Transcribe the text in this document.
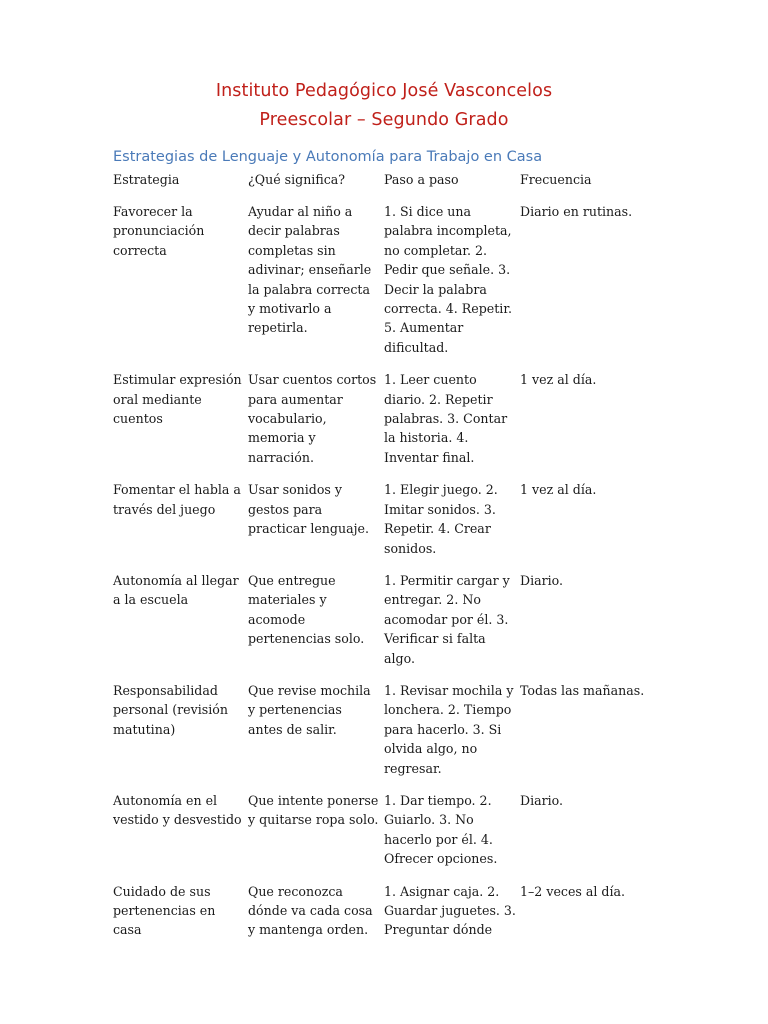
Instituto Pedagógico José Vasconcelos
Preescolar – Segundo Grado
Estrategias de Lenguaje y Autonomía para Trabajo en Casa
Estrategia	¿Qué significa?	Paso a paso	Frecuencia
Favorecer la pronunciación correcta	Ayudar al niño a decir palabras completas sin adivinar; enseñarle la palabra correcta y motivarlo a repetirla.	1. Si dice una palabra incompleta, no completar. 2. Pedir que señale. 3. Decir la palabra correcta. 4. Repetir. 5. Aumentar dificultad.	Diario en rutinas.
Estimular expresión oral mediante cuentos	Usar cuentos cortos para aumentar vocabulario, memoria y narración.	1. Leer cuento diario. 2. Repetir palabras. 3. Contar la historia. 4. Inventar final.	1 vez al día.
Fomentar el habla a través del juego	Usar sonidos y gestos para practicar lenguaje.	1. Elegir juego. 2. Imitar sonidos. 3. Repetir. 4. Crear sonidos.	1 vez al día.
Autonomía al llegar a la escuela	Que entregue materiales y acomode pertenencias solo.	1. Permitir cargar y entregar. 2. No acomodar por él. 3. Verificar si falta algo.	Diario.
Responsabilidad personal (revisión matutina)	Que revise mochila y pertenencias antes de salir.	1. Revisar mochila y lonchera. 2. Tiempo para hacerlo. 3. Si olvida algo, no regresar.	Todas las mañanas.
Autonomía en el vestido y desvestido	Que intente ponerse y quitarse ropa solo.	1. Dar tiempo. 2. Guiarlo. 3. No hacerlo por él. 4. Ofrecer opciones.	Diario.
Cuidado de sus pertenencias en casa	Que reconozca dónde va cada cosa y mantenga orden.	1. Asignar caja. 2. Guardar juguetes. 3. Preguntar dónde	1–2 veces al día.
